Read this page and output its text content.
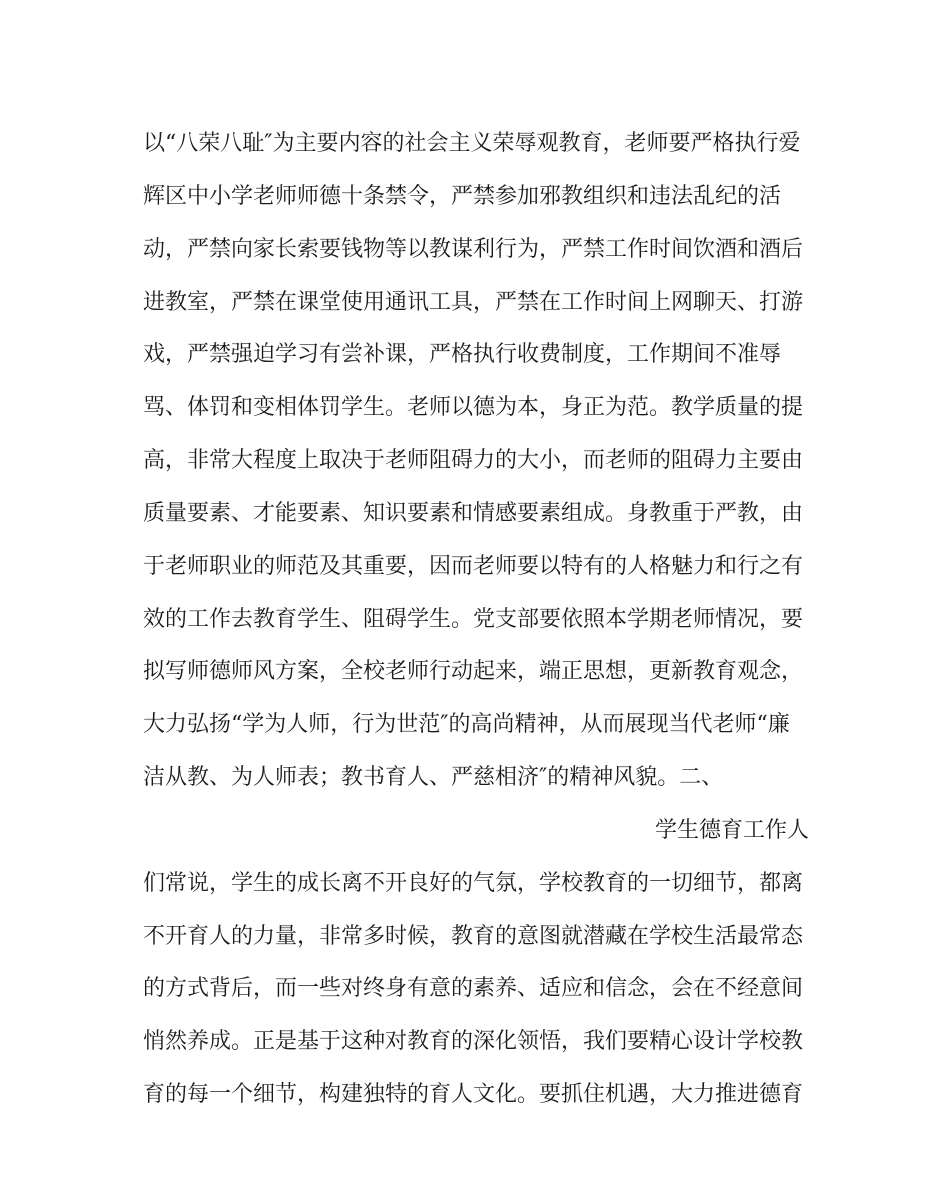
以“八荣八耻″为主要内容的社会主义荣辱观教育，老师要严格执行爱
辉区中小学老师师德十条禁令，严禁参加邪教组织和违法乱纪的活
动，严禁向家长索要钱物等以教谋利行为，严禁工作时间饮酒和酒后
进教室，严禁在课堂使用通讯工具，严禁在工作时间上网聊天、打游
戏，严禁强迫学习有尝补课，严格执行收费制度，工作期间不准辱
骂、体罚和变相体罚学生。老师以德为本，身正为范。教学质量的提
高，非常大程度上取决于老师阻碍力的大小，而老师的阻碍力主要由
质量要素、才能要素、知识要素和情感要素组成。身教重于严教，由
于老师职业的师范及其重要，因而老师要以特有的人格魅力和行之有
效的工作去教育学生、阻碍学生。党支部要依照本学期老师情况，要
拟写师德师风方案，全校老师行动起来，端正思想，更新教育观念，
大力弘扬“学为人师，行为世范″的高尚精神，从而展现当代老师“廉
洁从教、为人师表；教书育人、严慈相济″的精神风貌。二、
学生德育工作人
们常说，学生的成长离不开良好的气氛，学校教育的一切细节，都离
不开育人的力量，非常多时候，教育的意图就潜藏在学校生活最常态
的方式背后，而一些对终身有意的素养、适应和信念，会在不经意间
悄然养成。正是基于这种对教育的深化领悟，我们要精心设计学校教
育的每一个细节，构建独特的育人文化。要抓住机遇，大力推进德育
